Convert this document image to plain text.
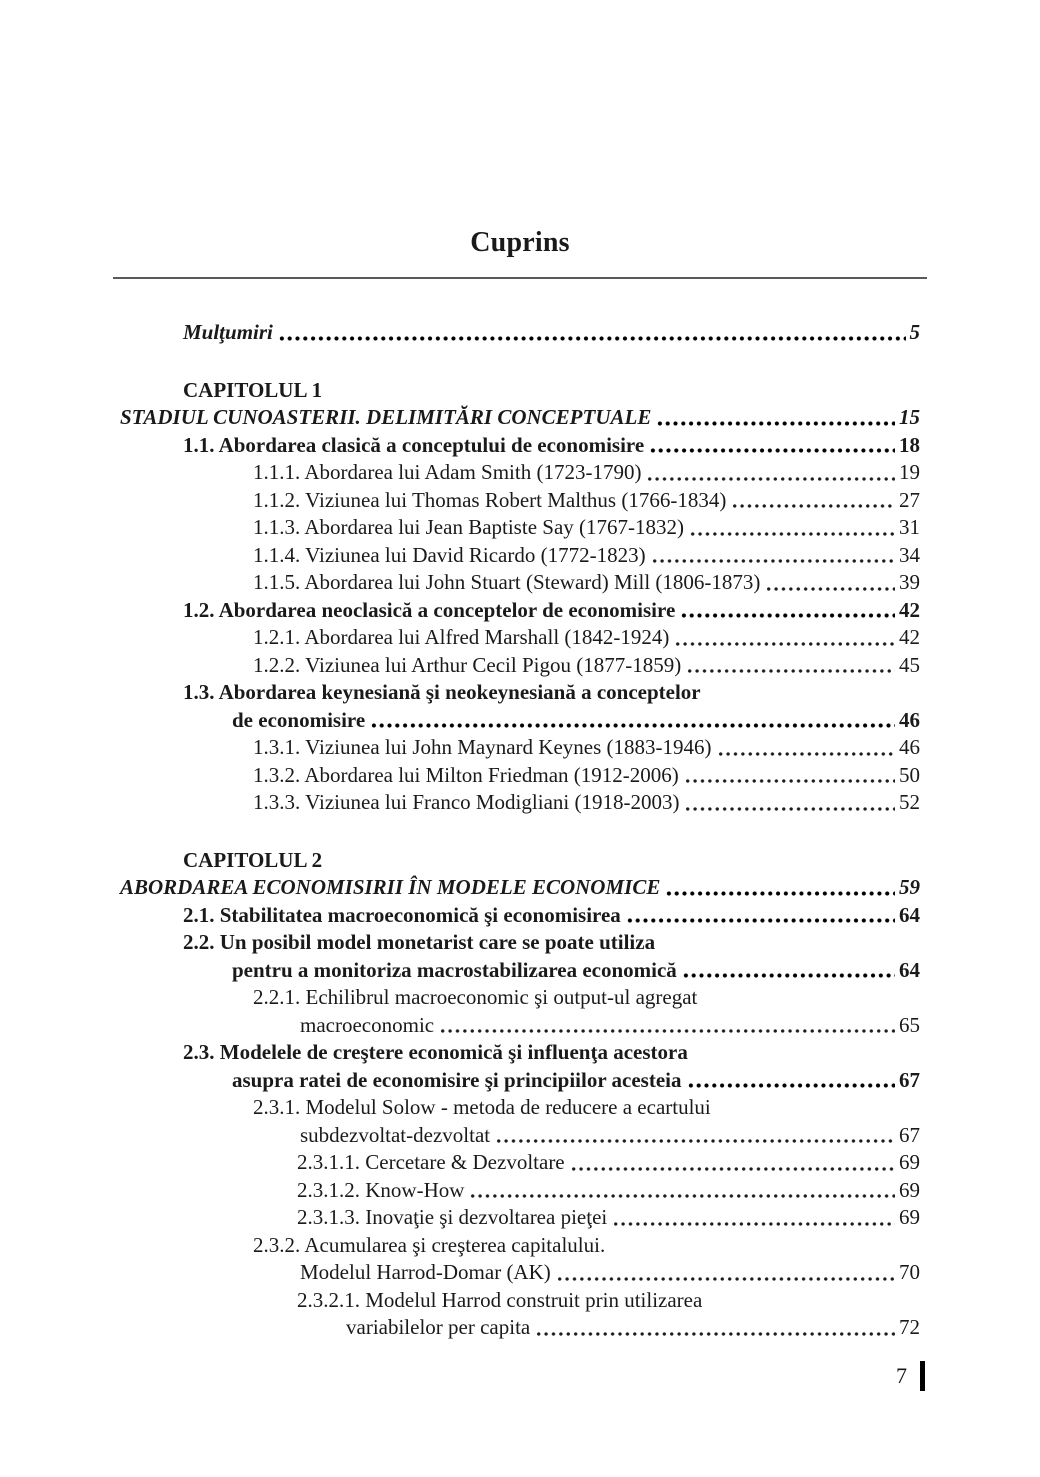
Cuprins
Mulţumiri	5
CAPITOLUL 1
STADIUL CUNOASTERII. DELIMITĂRI CONCEPTUALE	15
1.1. Abordarea clasică a conceptului de economisire	18
1.1.1. Abordarea lui Adam Smith (1723-1790)	19
1.1.2. Viziunea lui Thomas Robert Malthus (1766-1834)	27
1.1.3. Abordarea lui Jean Baptiste Say (1767-1832)	31
1.1.4. Viziunea lui David Ricardo (1772-1823)	34
1.1.5. Abordarea lui John Stuart (Steward) Mill (1806-1873)	39
1.2. Abordarea neoclasică a conceptelor de economisire	42
1.2.1. Abordarea lui Alfred Marshall (1842-1924)	42
1.2.2. Viziunea lui Arthur Cecil Pigou (1877-1859)	45
1.3. Abordarea keynesiană şi neokeynesiană a conceptelor
de economisire	46
1.3.1. Viziunea lui John Maynard Keynes (1883-1946)	46
1.3.2. Abordarea lui Milton Friedman (1912-2006)	50
1.3.3. Viziunea lui Franco Modigliani (1918-2003)	52
CAPITOLUL 2
ABORDAREA ECONOMISIRII ÎN MODELE ECONOMICE	59
2.1. Stabilitatea macroeconomică şi economisirea	64
2.2. Un posibil model monetarist care se poate utiliza
pentru a monitoriza macrostabilizarea economică	64
2.2.1. Echilibrul macroeconomic şi output-ul agregat
macroeconomic	65
2.3. Modelele de creştere economică şi influenţa acestora
asupra ratei de economisire şi principiilor acesteia	67
2.3.1. Modelul Solow - metoda de reducere a ecartului
subdezvoltat-dezvoltat	67
2.3.1.1. Cercetare & Dezvoltare	69
2.3.1.2. Know-How	69
2.3.1.3. Inovaţie şi dezvoltarea pieţei	69
2.3.2. Acumularea şi creşterea capitalului.
Modelul Harrod-Domar (AK)	70
2.3.2.1. Modelul Harrod construit prin utilizarea
variabilelor per capita	72
7
